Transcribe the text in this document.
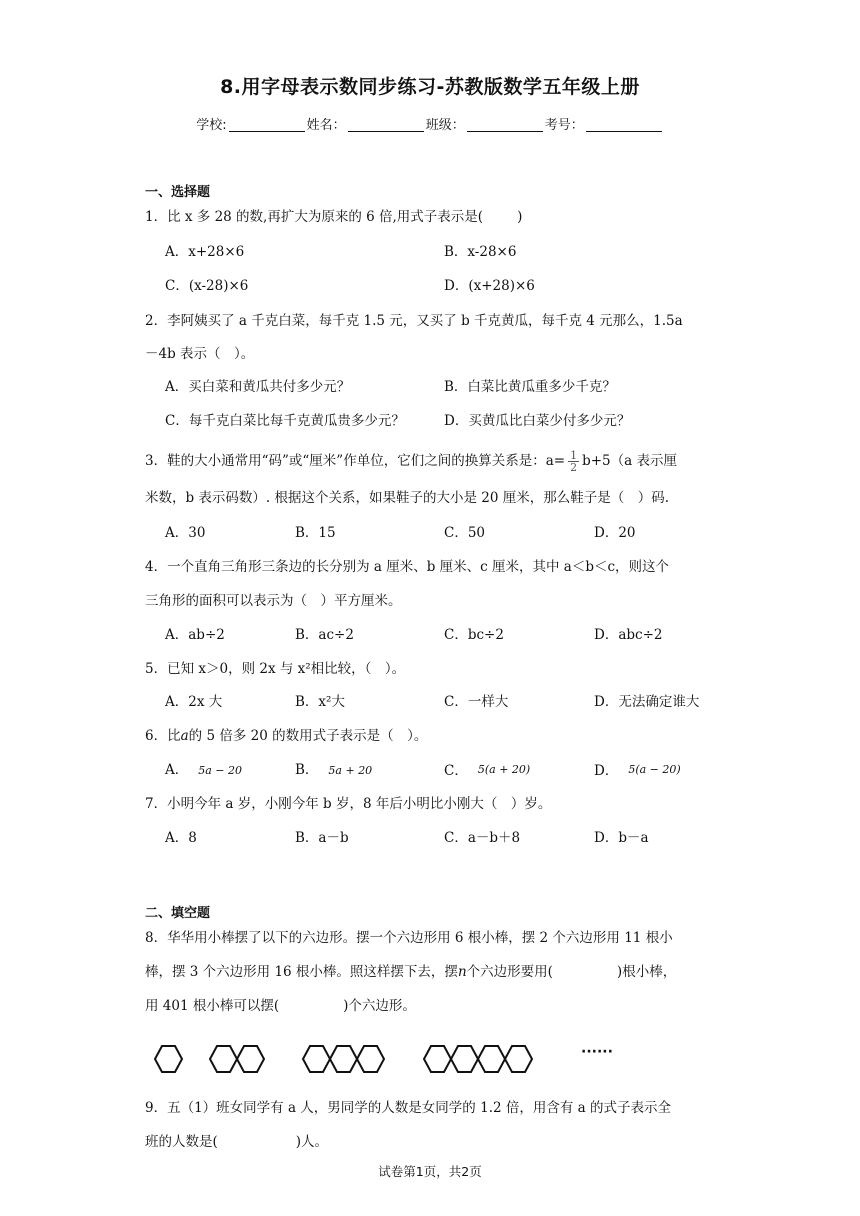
8.用字母表示数同步练习-苏教版数学五年级上册
学校:	姓名：	班级：	考号：
一、选择题
1．比 x 多 28 的数,再扩大为原来的 6 倍,用式子表示是(	)
A．x+28×6	B．x-28×6
C．(x-28)×6	D．(x+28)×6
2．李阿姨买了 a 千克白菜，每千克 1.5 元，又买了 b 千克黄瓜，每千克 4 元那么，1.5a
－4b 表示（　）。
A．买白菜和黄瓜共付多少元？	B．白菜比黄瓜重多少千克？
C．每千克白菜比每千克黄瓜贵多少元？	D．买黄瓜比白菜少付多少元？
3．鞋的大小通常用“码”或“厘米”作单位，它们之间的换算关系是：$a= \frac{1}{2} b+5(a$ 表示厘
米数，b 表示码数）. 根据这个关系，如果鞋子的大小是 20 厘米，那么鞋子是（　）码.
A．30	B．15	C．50	D．20
4．一个直角三角形三条边的长分别为 a 厘米、b 厘米、c 厘米，其中 a＜b＜c，则这个
三角形的面积可以表示为（　）平方厘米。
A．ab÷2	B．ac÷2	C．bc÷2	D．abc÷2
5．已知 x＞0，则 2x 与 x²相比较，（　）。
A．2x 大	B．x²大	C．一样大	D．无法确定谁大
6．比a的 5 倍多 20 的数用式子表示是（　）。
A． 5a − 20	B． 5a + 20	C． 5(a + 20)	D． 5(a − 20)
7．小明今年 a 岁，小刚今年 b 岁，8 年后小明比小刚大（　）岁。
A．8	B．a－b	C．a－b＋8	D．b－a
二、填空题
8．华华用小棒摆了以下的六边形。摆一个六边形用 6 根小棒，摆 2 个六边形用 11 根小
棒，摆 3 个六边形用 16 根小棒。照这样摆下去，摆n个六边形要用(	)根小棒，
用 401 根小棒可以摆(	)个六边形。
······
9．五（1）班女同学有 a 人，男同学的人数是女同学的 1.2 倍，用含有 a 的式子表示全
班的人数是(	)人。
试卷第1页，共2页
